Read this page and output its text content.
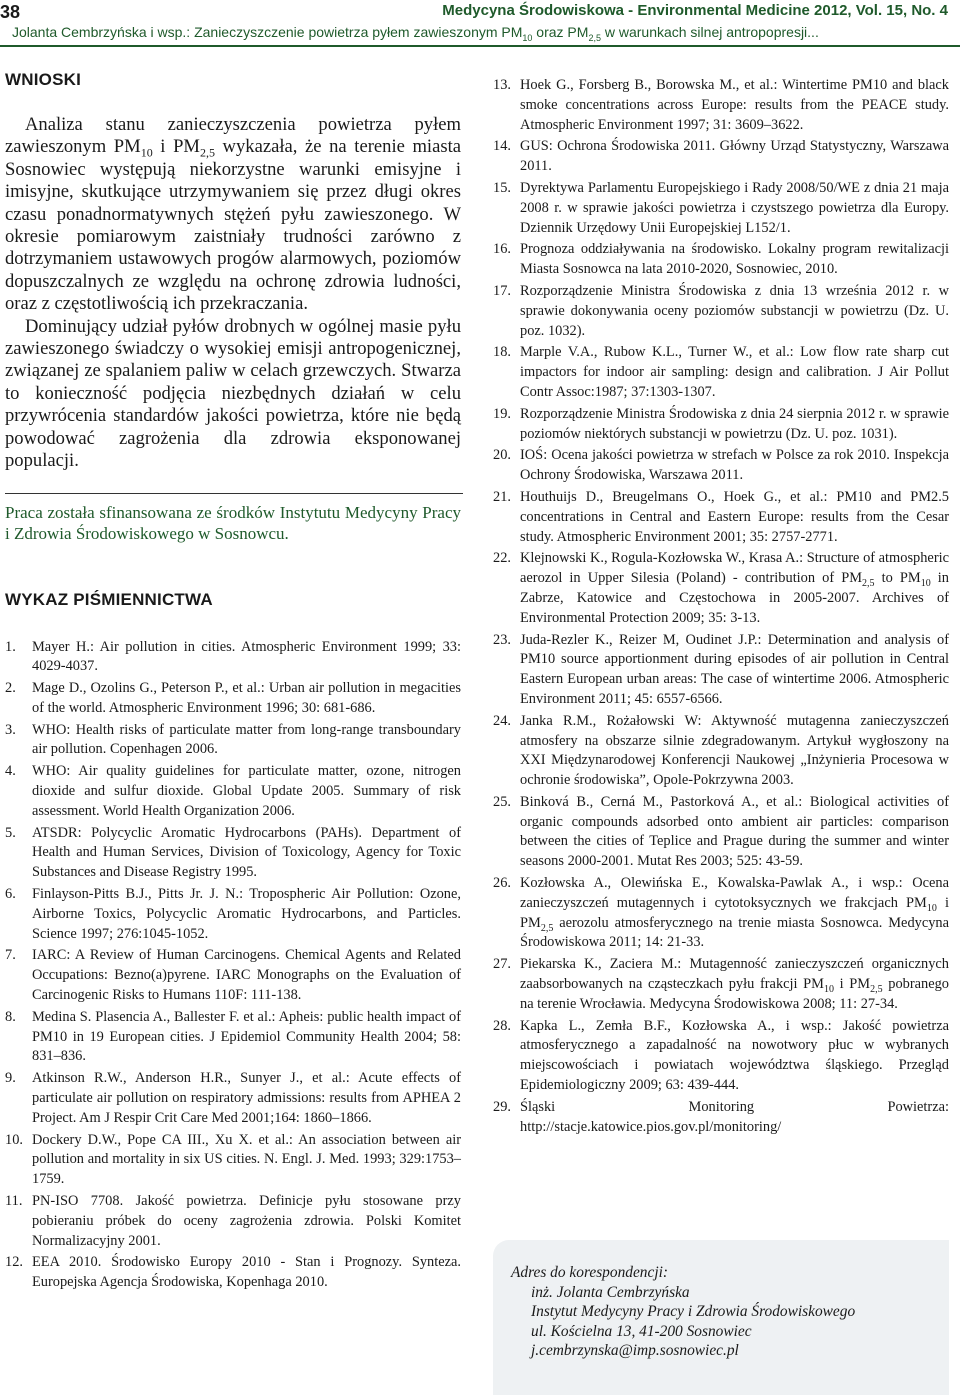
38	Medycyna Środowiskowa - Environmental Medicine 2012, Vol. 15, No. 4
Jolanta Cembrzyńska i wsp.: Zanieczyszczenie powietrza pyłem zawieszonym $PM_{10}$ oraz $PM_{2,5}$ w warunkach silnej antropopresji...
WNIOSKI

Analiza stanu zanieczyszczenia powietrza pyłem zawieszonym $PM_{10}$ i $PM_{2,5}$ wykazała, że na terenie miasta Sosnowiec występują niekorzystne warunki emisyjne i imisyjne, skutkujące utrzymywaniem się przez długi okres czasu ponadnormatywnych stężeń pyłu zawieszonego. W okresie pomiarowym zaistniały trudności zarówno z dotrzymaniem ustawowych progów alarmowych, poziomów dopuszczalnych ze względu na ochronę zdrowia ludności, oraz z częstotliwością ich przekraczania.

Dominujący udział pyłów drobnych w ogólnej masie pyłu zawieszonego świadczy o wysokiej emisji antropogenicznej, związanej ze spalaniem paliw w celach grzewczych. Stwarza to konieczność podjęcia niezbędnych działań w celu przywrócenia standardów jakości powietrza, które nie będą powodować zagrożenia dla zdrowia eksponowanej populacji.

Praca została sfinansowana ze środków Instytutu Medycyny Pracy i Zdrowia Środowiskowego w Sosnowcu.

WYKAZ PIŚMIENNICTWA
1.	Mayer H.: Air pollution in cities. Atmospheric Environment 1999; 33: 4029-4037.
2.	Mage D., Ozolins G., Peterson P., et al.: Urban air pollution in megacities of the world. Atmospheric Environment 1996; 30: 681-686.
3.	WHO: Health risks of particulate matter from long-range transboundary air pollution. Copenhagen 2006.
4.	WHO: Air quality guidelines for particulate matter, ozone, nitrogen dioxide and sulfur dioxide. Global Update 2005. Summary of risk assessment. World Health Organization 2006.
5.	ATSDR: Polycyclic Aromatic Hydrocarbons (PAHs). Department of Health and Human Services, Division of Toxicology, Agency for Toxic Substances and Disease Registry 1995.
6.	Finlayson-Pitts B.J., Pitts Jr. J. N.: Tropospheric Air Pollution: Ozone, Airborne Toxics, Polycyclic Aromatic Hydrocarbons, and Particles. Science 1997; 276:1045-1052.
7.	IARC: A Review of Human Carcinogens. Chemical Agents and Related Occupations: Bezno(a)pyrene. IARC Monographs on the Evaluation of Carcinogenic Risks to Humans 110F: 111-138.
8.	Medina S. Plasencia A., Ballester F. et al.: Apheis: public health impact of PM10 in 19 European cities. J Epidemiol Community Health 2004; 58: 831–836.
9.	Atkinson R.W., Anderson H.R., Sunyer J., et al.: Acute effects of particulate air pollution on respiratory admissions: results from APHEA 2 Project. Am J Respir Crit Care Med 2001;164: 1860–1866.
10. Dockery D.W., Pope CA III., Xu X. et al.: An association between air pollution and mortality in six US cities. N. Engl. J. Med. 1993; 329:1753–1759.
11. PN-ISO 7708. Jakość powietrza. Definicje pyłu stosowane przy pobieraniu próbek do oceny zagrożenia zdrowia. Polski Komitet Normalizacyjny 2001.
12. EEA 2010. Środowisko Europy 2010 - Stan i Prognozy. Synteza. Europejska Agencja Środowiska, Kopenhaga 2010.
13. Hoek G., Forsberg B., Borowska M., et al.: Wintertime PM10 and black smoke concentrations across Europe: results from the PEACE study. Atmospheric Environment 1997; 31: 3609–3622.
14. GUS: Ochrona Środowiska 2011. Główny Urząd Statystyczny, Warszawa 2011.
15. Dyrektywa Parlamentu Europejskiego i Rady 2008/50/WE z dnia 21 maja 2008 r. w sprawie jakości powietrza i czystszego powietrza dla Europy. Dziennik Urzędowy Unii Europejskiej L152/1.
16. Prognoza oddziaływania na środowisko. Lokalny program rewitalizacji Miasta Sosnowca na lata 2010-2020, Sosnowiec, 2010.
17. Rozporządzenie Ministra Środowiska z dnia 13 września 2012 r. w sprawie dokonywania oceny poziomów substancji w powietrzu (Dz. U. poz. 1032).
18. Marple V.A., Rubow K.L., Turner W., et al.: Low flow rate sharp cut impactors for indoor air sampling: design and calibration. J Air Pollut Contr Assoc:1987; 37:1303-1307.
19. Rozporządzenie Ministra Środowiska z dnia 24 sierpnia 2012 r. w sprawie poziomów niektórych substancji w powietrzu (Dz. U. poz. 1031).
20. IOŚ: Ocena jakości powietrza w strefach w Polsce za rok 2010. Inspekcja Ochrony Środowiska, Warszawa 2011.
21. Houthuijs D., Breugelmans O., Hoek G., et al.: PM10 and PM2.5 concentrations in Central and Eastern Europe: results from the Cesar study. Atmospheric Environment 2001; 35: 2757-2771.
22. Klejnowski K., Rogula-Kozłowska W., Krasa A.: Structure of atmospheric aerozol in Upper Silesia (Poland) - contribution of $PM_{2,5}$ to $PM_{10}$ in Zabrze, Katowice and Częstochowa in 2005-2007. Archives of Environmental Protection 2009; 35: 3-13.
23. Juda-Rezler K., Reizer M, Oudinet J.P.: Determination and analysis of PM10 source apportionment during episodes of air pollution in Central Eastern European urban areas: The case of wintertime 2006. Atmospheric Environment 2011; 45: 6557-6566.
24. Janka R.M., Rożałowski W: Aktywność mutagenna zanieczyszczeń atmosfery na obszarze silnie zdegradowanym. Artykuł wygłoszony na XXI Międzynarodowej Konferencji Naukowej „Inżynieria Procesowa w ochronie środowiska”, Opole-Pokrzywna 2003.
25. Binková B., Cerná M., Pastorková A., et al.: Biological activities of organic compounds adsorbed onto ambient air particles: comparison between the cities of Teplice and Prague during the summer and winter seasons 2000-2001. Mutat Res 2003; 525: 43-59.
26. Kozłowska A., Olewińska E., Kowalska-Pawlak A., i wsp.: Ocena zanieczyszczeń mutagennych i cytotoksycznych we frakcjach $PM_{10}$ i $PM_{2,5}$ aerozolu atmosferycznego na trenie miasta Sosnowca. Medycyna Środowiskowa 2011; 14: 21-33.
27. Piekarska K., Zaciera M.: Mutagenność zanieczyszczeń organicznych zaabsorbowanych na cząsteczkach pyłu frakcji $PM_{10}$ i $PM_{2,5}$ pobranego na terenie Wrocławia. Medycyna Środowiskowa 2008; 11: 27-34.
28. Kapka L., Zemła B.F., Kozłowska A., i wsp.: Jakość powietrza atmosferycznego a zapadalność na nowotwory płuc w wybranych miejscowościach i powiatach województwa śląskiego. Przegląd Epidemiologiczny 2009; 63: 439-444.
29. Śląski Monitoring Powietrza: http://stacje.katowice.pios.gov.pl/monitoring/
Adres do korespondencji:
inż. Jolanta Cembrzyńska
Instytut Medycyny Pracy i Zdrowia Środowiskowego
ul. Kościelna 13, 41-200 Sosnowiec
j.cembrzynska@imp.sosnowiec.pl
